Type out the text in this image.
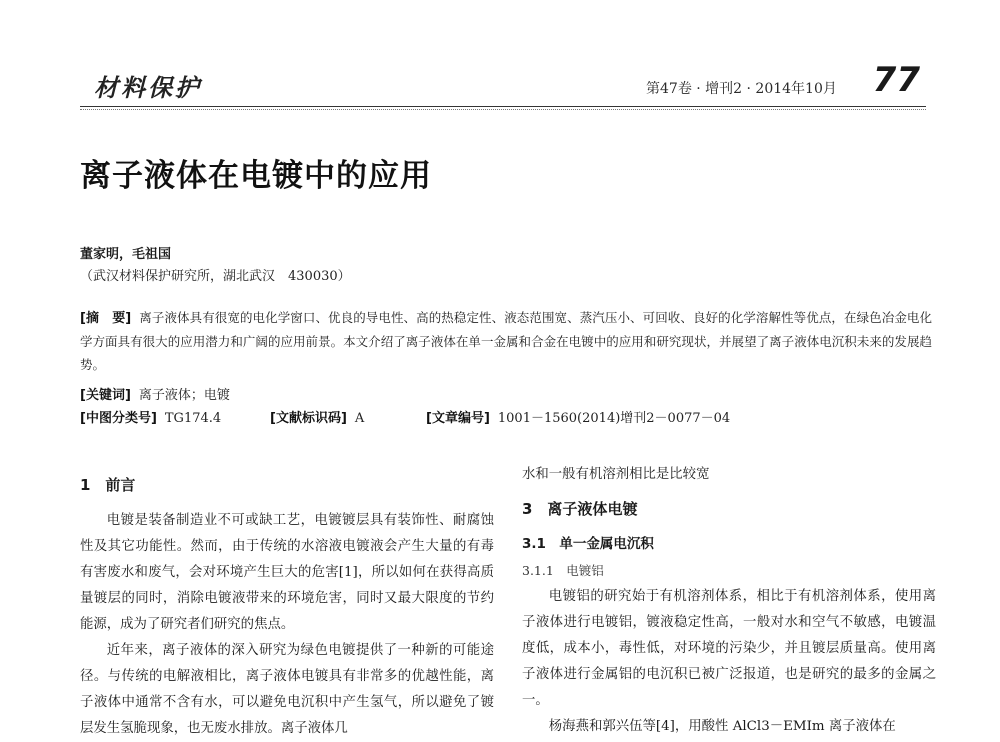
材料保护	第47卷 · 增刊2 · 2014年10月 77
离子液体在电镀中的应用
董家明，毛祖国
（武汉材料保护研究所，湖北武汉　430030）
[摘　要] 离子液体具有很宽的电化学窗口、优良的导电性、高的热稳定性、液态范围宽、蒸汽压小、可回收、良好的化学溶解性等优点，在绿色冶金电化学方面具有很大的应用潜力和广阔的应用前景。本文介绍了离子液体在单一金属和合金在电镀中的应用和研究现状，并展望了离子液体电沉积未来的发展趋势。
[关键词] 离子液体；电镀
[中图分类号] TG174.4	[文献标识码] A	[文章编号] 1001－1560(2014)增刊2－0077－04
1　前言

电镀是装备制造业不可或缺工艺，电镀镀层具有装饰性、耐腐蚀性及其它功能性。然而，由于传统的水溶液电镀液会产生大量的有毒有害废水和废气，会对环境产生巨大的危害[1]，所以如何在获得高质量镀层的同时，消除电镀液带来的环境危害，同时又最大限度的节约能源，成为了研究者们研究的焦点。

近年来，离子液体的深入研究为绿色电镀提供了一种新的可能途径。与传统的电解液相比，离子液体电镀具有非常多的优越性能，离子液体中通常不含有水，可以避免电沉积中产生氢气，所以避免了镀层发生氢脆现象，也无废水排放。离子液体几

水和一般有机溶剂相比是比较宽

3　离子液体电镀
3.1　单一金属电沉积
3.1.1　电镀铝

电镀铝的研究始于有机溶剂体系，相比于有机溶剂体系，使用离子液体进行电镀铝，镀液稳定性高，一般对水和空气不敏感，电镀温度低，成本小，毒性低，对环境的污染少，并且镀层质量高。使用离子液体进行金属铝的电沉积已被广泛报道，也是研究的最多的金属之一。

杨海燕和郭兴伍等[4]，用酸性 AlCl3－EMIm 离子液体在
